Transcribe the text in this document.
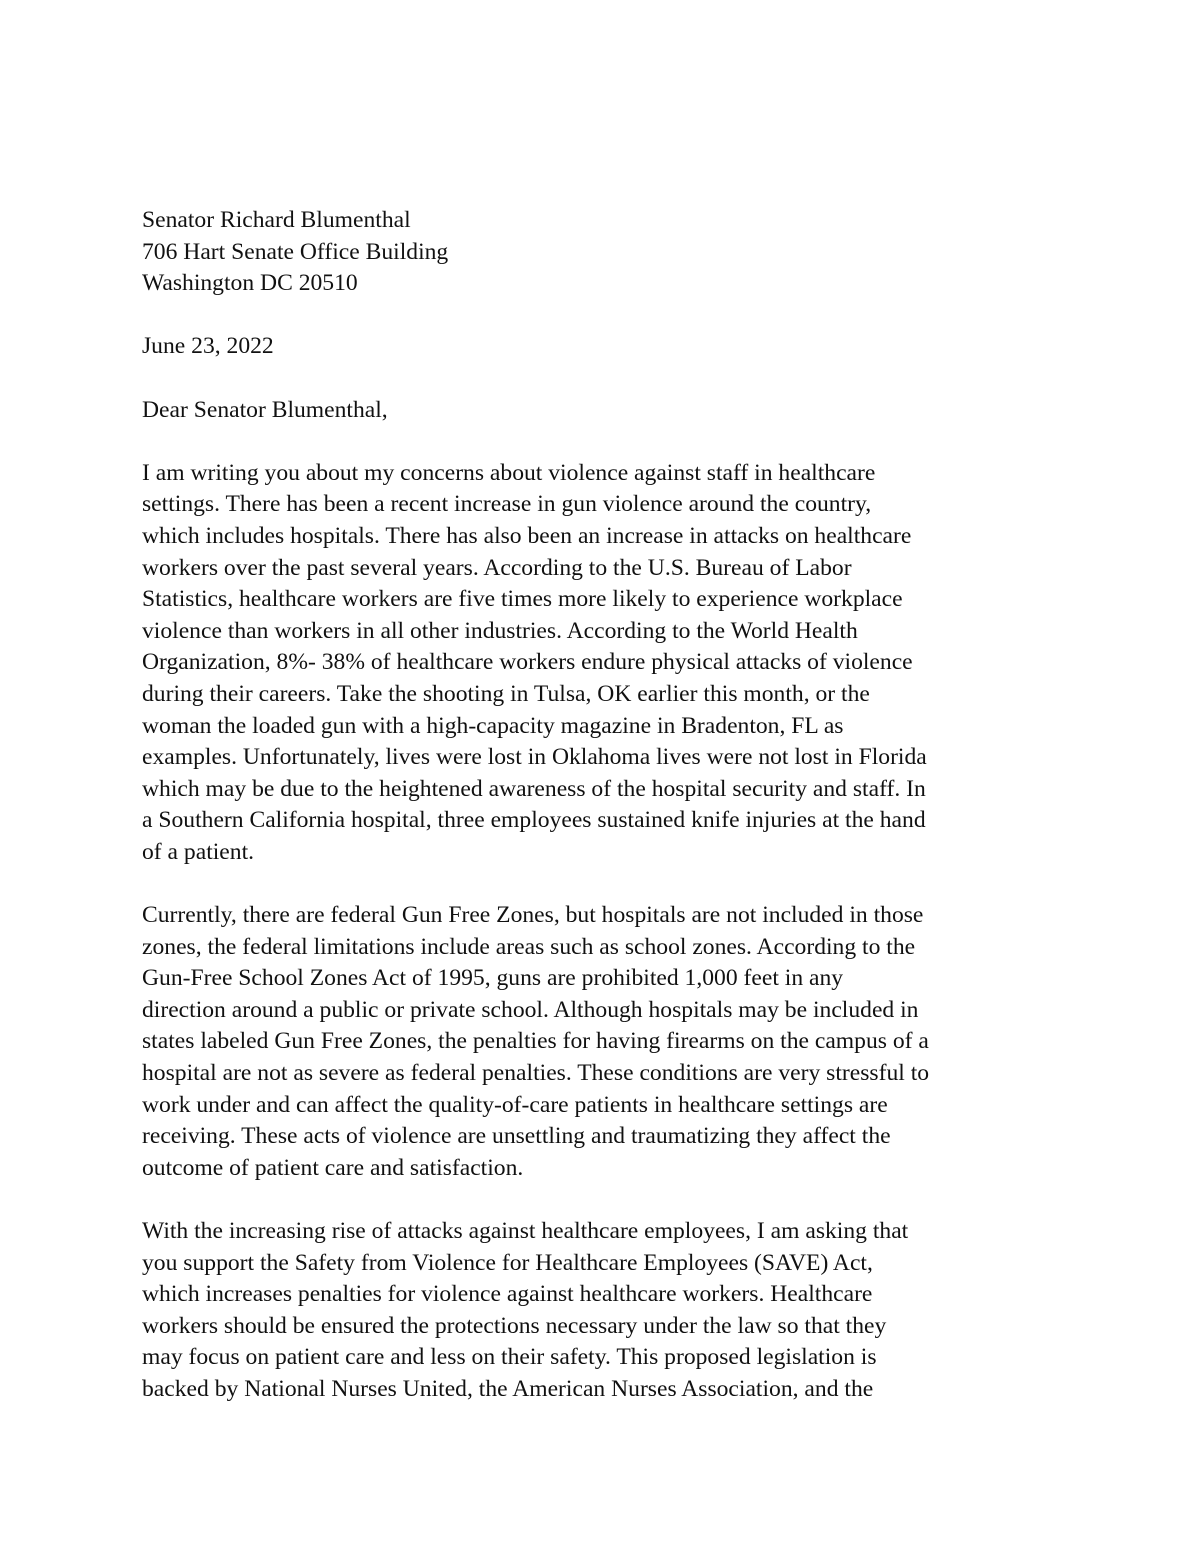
Senator Richard Blumenthal
706 Hart Senate Office Building
Washington DC 20510
June 23, 2022
Dear Senator Blumenthal,
I am writing you about my concerns about violence against staff in healthcare
settings. There has been a recent increase in gun violence around the country,
which includes hospitals. There has also been an increase in attacks on healthcare
workers over the past several years. According to the U.S. Bureau of Labor
Statistics, healthcare workers are five times more likely to experience workplace
violence than workers in all other industries. According to the World Health
Organization, 8%- 38% of healthcare workers endure physical attacks of violence
during their careers. Take the shooting in Tulsa, OK earlier this month, or the
woman the loaded gun with a high-capacity magazine in Bradenton, FL as
examples. Unfortunately, lives were lost in Oklahoma lives were not lost in Florida
which may be due to the heightened awareness of the hospital security and staff. In
a Southern California hospital, three employees sustained knife injuries at the hand
of a patient.
Currently, there are federal Gun Free Zones, but hospitals are not included in those
zones, the federal limitations include areas such as school zones. According to the
Gun-Free School Zones Act of 1995, guns are prohibited 1,000 feet in any
direction around a public or private school. Although hospitals may be included in
states labeled Gun Free Zones, the penalties for having firearms on the campus of a
hospital are not as severe as federal penalties. These conditions are very stressful to
work under and can affect the quality-of-care patients in healthcare settings are
receiving. These acts of violence are unsettling and traumatizing they affect the
outcome of patient care and satisfaction.
With the increasing rise of attacks against healthcare employees, I am asking that
you support the Safety from Violence for Healthcare Employees (SAVE) Act,
which increases penalties for violence against healthcare workers. Healthcare
workers should be ensured the protections necessary under the law so that they
may focus on patient care and less on their safety. This proposed legislation is
backed by National Nurses United, the American Nurses Association, and the
